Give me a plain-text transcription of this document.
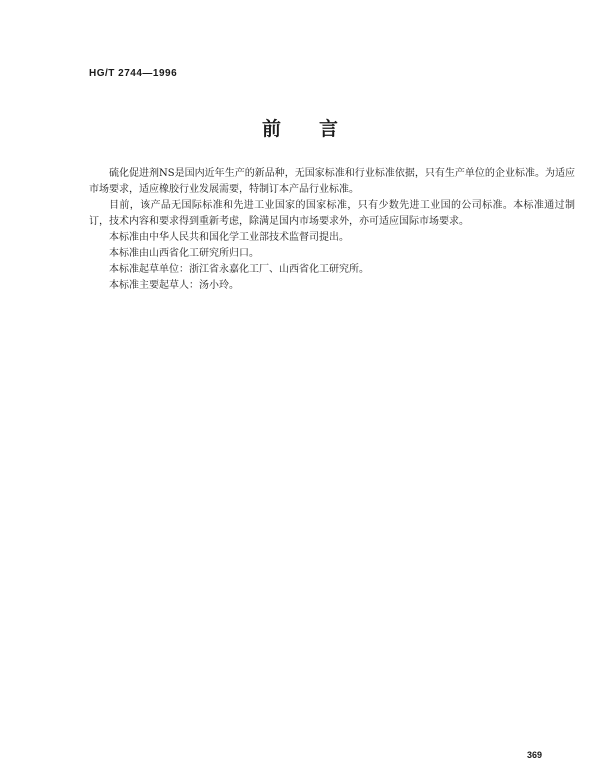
HG/T 2744—1996
前言

硫化促进剂NS是国内近年生产的新品种，无国家标准和行业标准依据，只有生产单位的企业标准。为适应市场要求，适应橡胶行业发展需要，特制订本产品行业标准。

目前，该产品无国际标准和先进工业国家的国家标准，只有少数先进工业国的公司标准。本标准通过制订，技术内容和要求得到重新考虑，除满足国内市场要求外，亦可适应国际市场要求。

本标准由中华人民共和国化学工业部技术监督司提出。

本标准由山西省化工研究所归口。

本标准起草单位：浙江省永嘉化工厂、山西省化工研究所。

本标准主要起草人：汤小玲。

369
